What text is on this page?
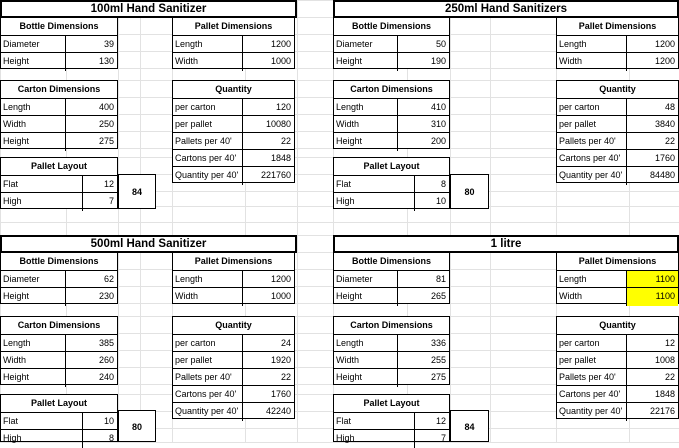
100ml Hand Sanitizer
Bottle Dimensions
Diameter	39
Height	130
Pallet Dimensions
Length	1200
Width	1000
Carton Dimensions
Length	400
Width	250
Height	275
Quantity
per carton	120
per pallet	10080
Pallets per 40'	22
Cartons per 40'	1848
Quantity per 40'	221760
Pallet Layout
Flat	12
High	7
84
250ml Hand Sanitizers
Bottle Dimensions
Diameter	50
Height	190
Pallet Dimensions
Length	1200
Width	1200
Carton Dimensions
Length	410
Width	310
Height	200
Quantity
per carton	48
per pallet	3840
Pallets per 40'	22
Cartons per 40'	1760
Quantity per 40'	84480
Pallet Layout
Flat	8
High	10
80
500ml Hand Sanitizer
Bottle Dimensions
Diameter	62
Height	230
Pallet Dimensions
Length	1200
Width	1000
Carton Dimensions
Length	385
Width	260
Height	240
Quantity
per carton	24
per pallet	1920
Pallets per 40'	22
Cartons per 40'	1760
Quantity per 40'	42240
Pallet Layout
Flat	10
High	8
80
1 litre
Bottle Dimensions
Diameter	81
Height	265
Pallet Dimensions
Length	1100
Width	1100
Carton Dimensions
Length	336
Width	255
Height	275
Quantity
per carton	12
per pallet	1008
Pallets per 40'	22
Cartons per 40'	1848
Quantity per 40'	22176
Pallet Layout
Flat	12
High	7
84
